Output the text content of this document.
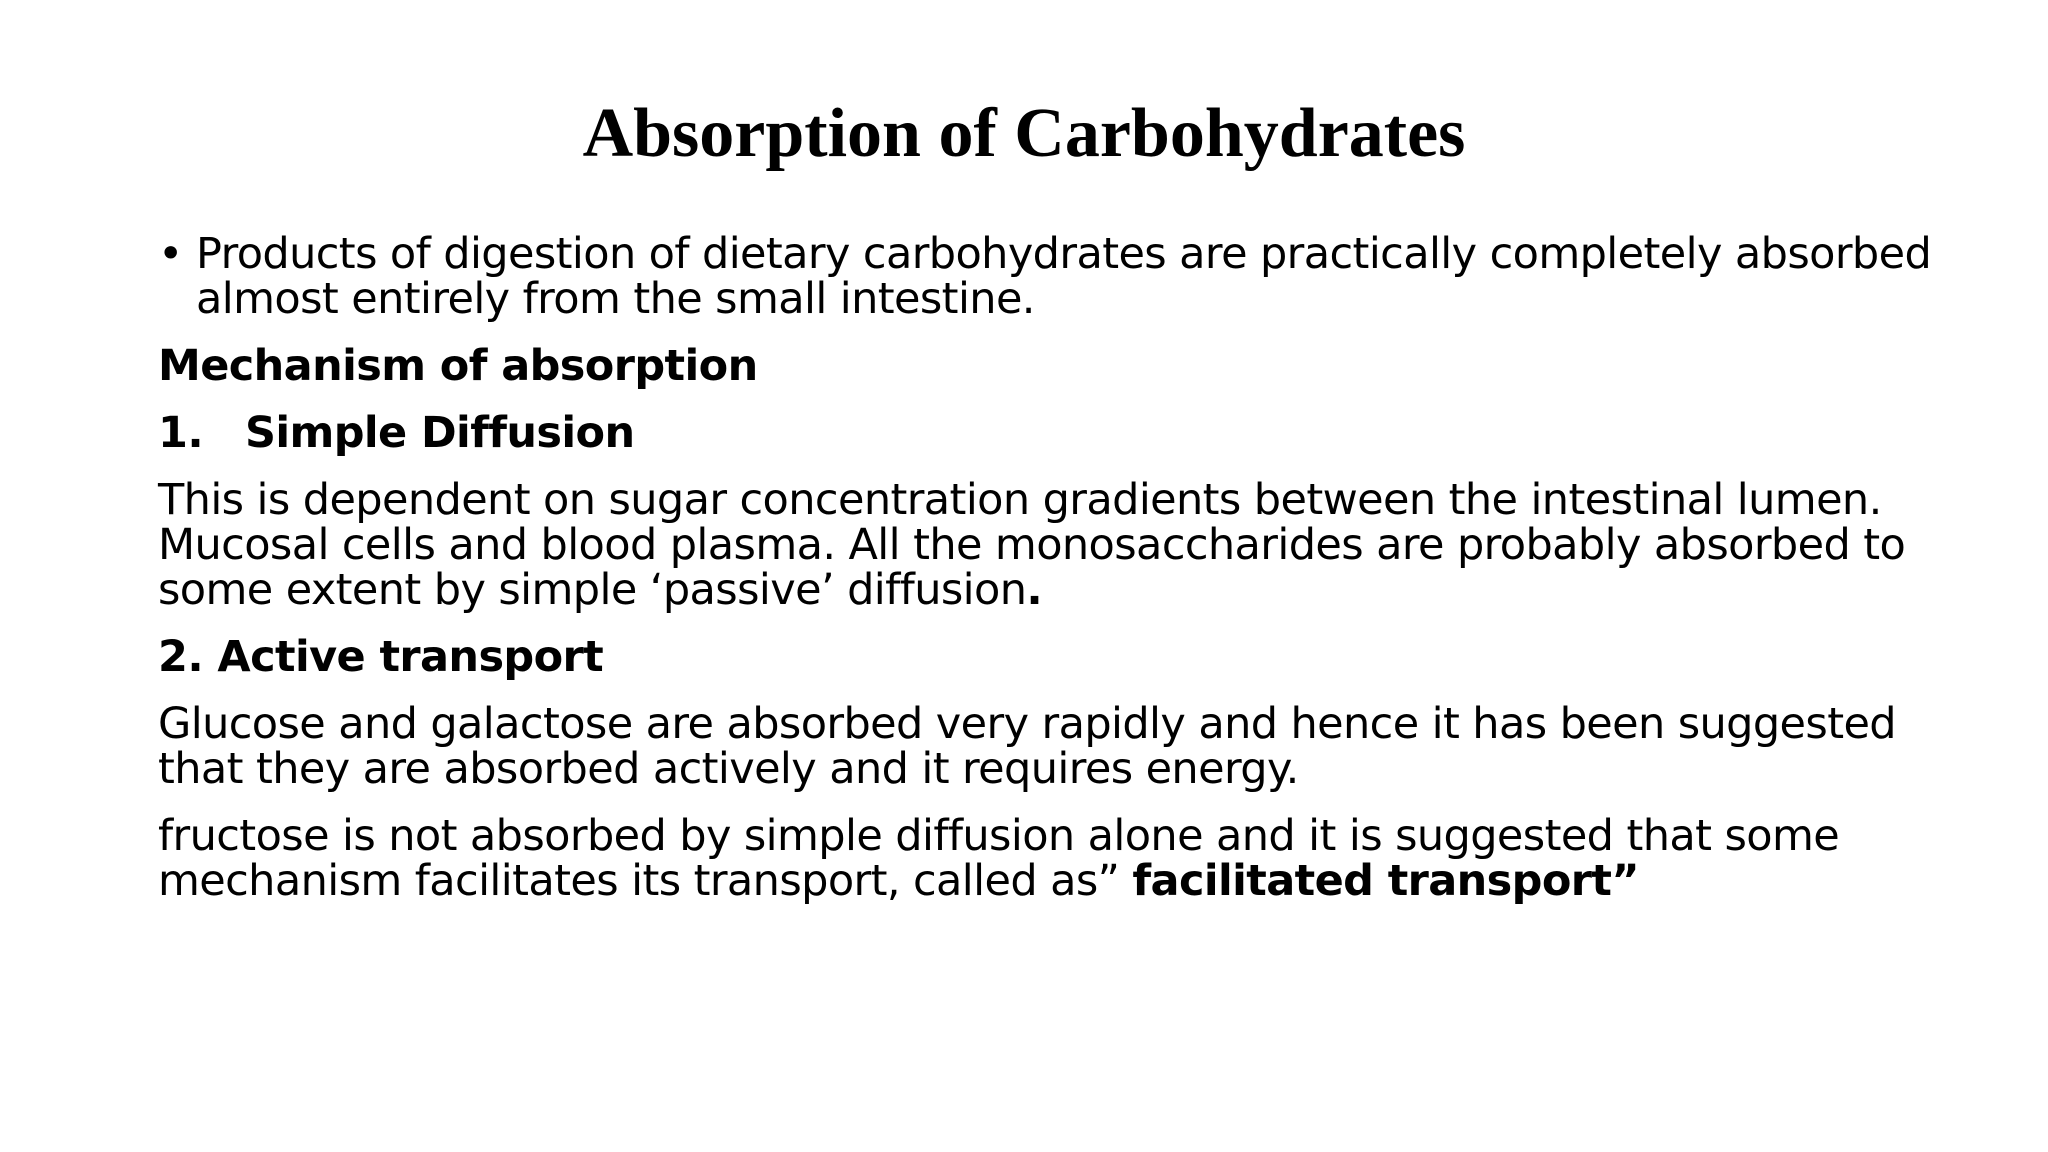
Absorption of Carbohydrates
• Products of digestion of dietary carbohydrates are practically completely absorbed almost entirely from the small intestine.
Mechanism of absorption
1. Simple Diffusion
This is dependent on sugar concentration gradients between the intestinal lumen. Mucosal cells and blood plasma. All the monosaccharides are probably absorbed to some extent by simple ‘passive’ diffusion.
2. Active transport
Glucose and galactose are absorbed very rapidly and hence it has been suggested that they are absorbed actively and it requires energy.
fructose is not absorbed by simple diffusion alone and it is suggested that some mechanism facilitates its transport, called as” facilitated transport”
